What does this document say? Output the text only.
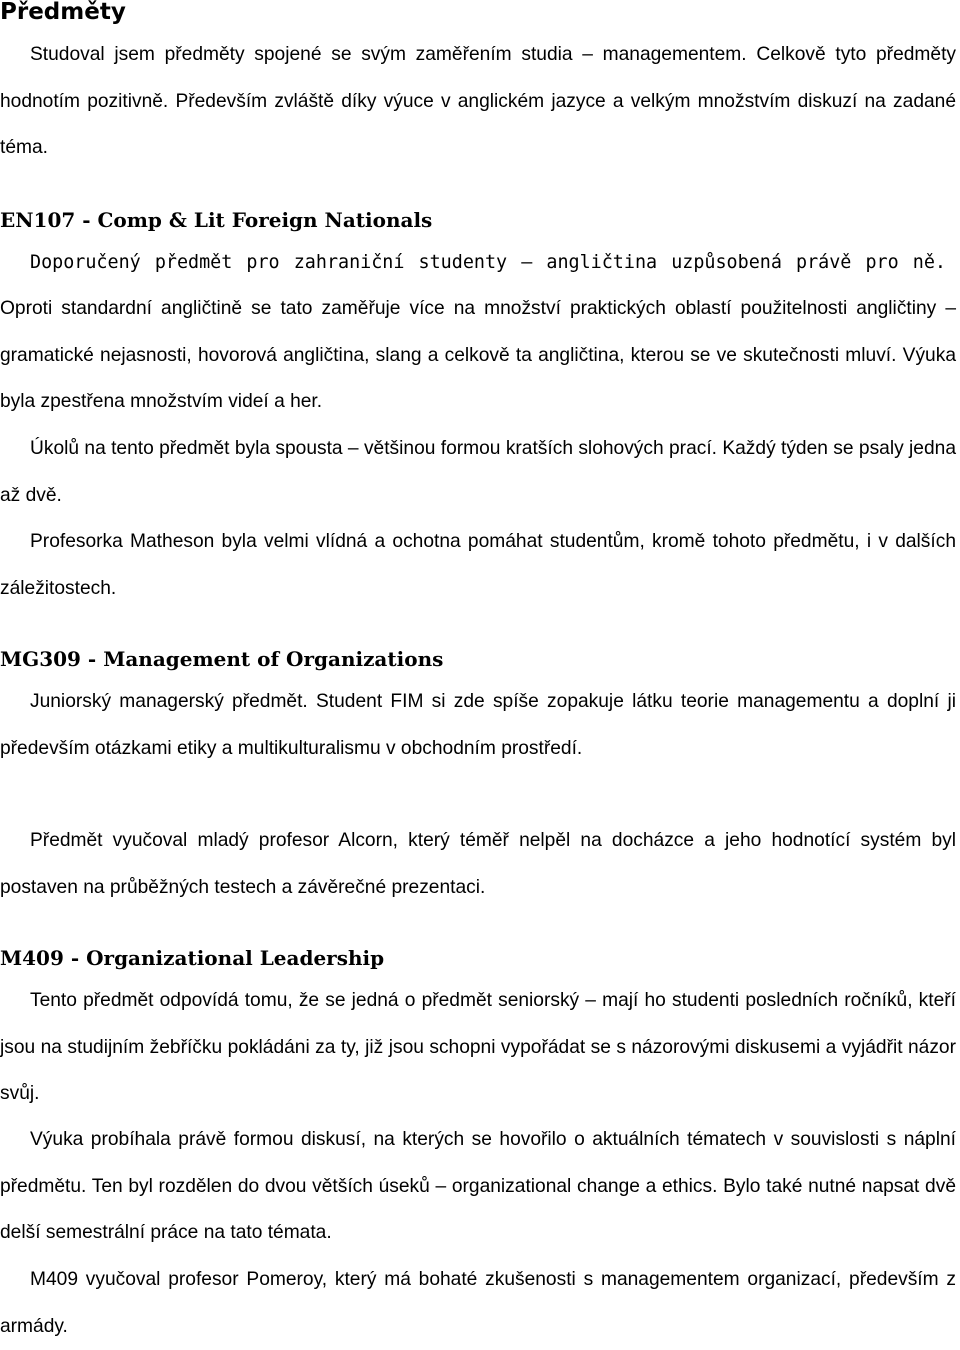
Předměty

Studoval jsem předměty spojené se svým zaměřením studia – managementem. Celkově tyto předměty hodnotím pozitivně. Především zvláště díky výuce v anglickém jazyce a velkým množstvím diskuzí na zadané téma.

EN107 - Comp & Lit Foreign Nationals

Doporučený předmět pro zahraniční studenty – angličtina uzpůsobená právě pro ně.

Oproti standardní angličtině se tato zaměřuje více na množství praktických oblastí použitelnosti angličtiny – gramatické nejasnosti, hovorová angličtina, slang a celkově ta angličtina, kterou se ve skutečnosti mluví. Výuka byla zpestřena množstvím videí a her.

Úkolů na tento předmět byla spousta – většinou formou kratších slohových prací. Každý týden se psaly jedna až dvě.

Profesorka Matheson byla velmi vlídná a ochotna pomáhat studentům, kromě tohoto předmětu, i v dalších záležitostech.

MG309 - Management of Organizations

Juniorský managerský předmět. Student FIM si zde spíše zopakuje látku teorie managementu a doplní ji především otázkami etiky a multikulturalismu v obchodním prostředí.

Předmět vyučoval mladý profesor Alcorn, který téměř nelpěl na docházce a jeho hodnotící systém byl postaven na průběžných testech a závěrečné prezentaci.

M409 - Organizational Leadership

Tento předmět odpovídá tomu, že se jedná o předmět seniorský – mají ho studenti posledních ročníků, kteří jsou na studijním žebříčku pokládáni za ty, již jsou schopni vypořádat se s názorovými diskusemi a vyjádřit názor svůj.

Výuka probíhala právě formou diskusí, na kterých se hovořilo o aktuálních tématech v souvislosti s náplní předmětu. Ten byl rozdělen do dvou větších úseků – organizational change a ethics. Bylo také nutné napsat dvě delší semestrální práce na tato témata.

M409 vyučoval profesor Pomeroy, který má bohaté zkušenosti s managementem organizací, především z armády.
